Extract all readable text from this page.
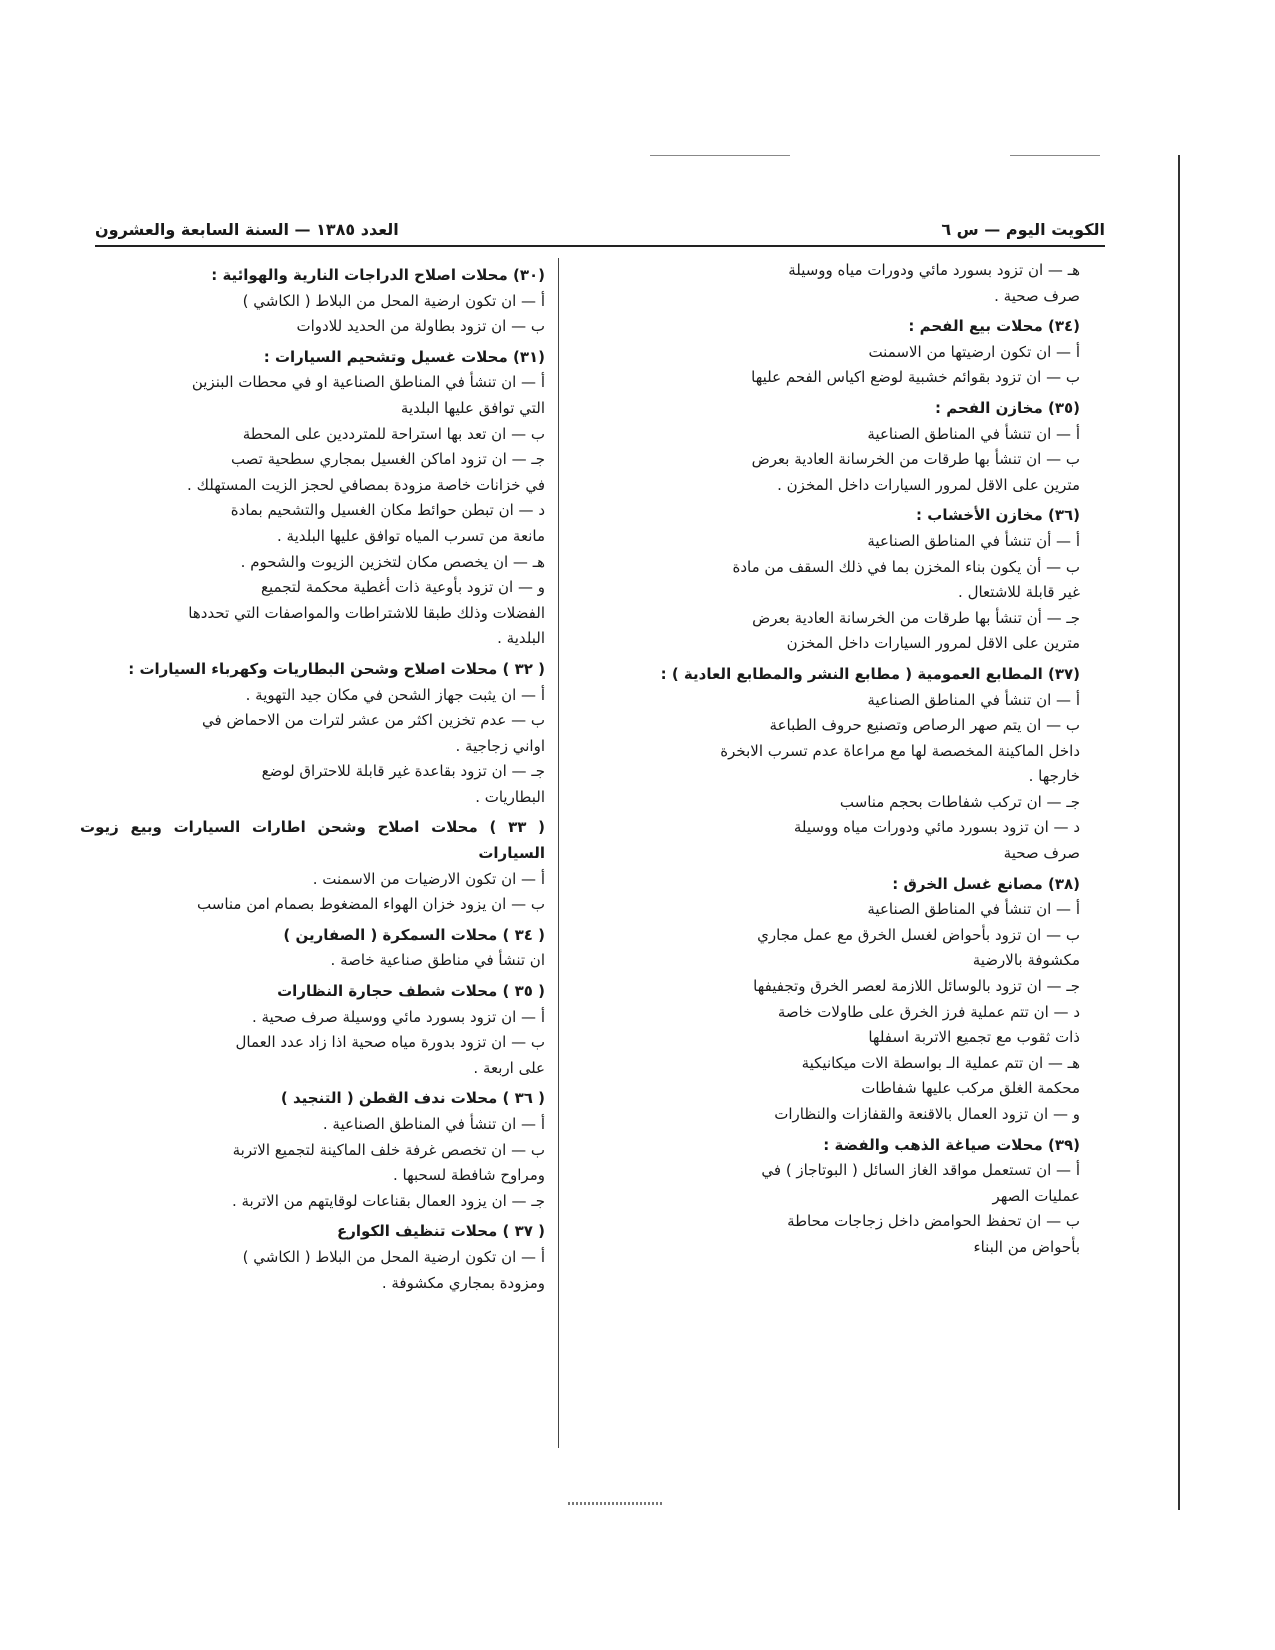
الكويت اليوم — س ٦
العدد ١٣٨٥ — السنة السابعة والعشرون

هـ — ان تزود بسورد مائي ودورات مياه ووسيلة

صرف صحية .

(٣٤) محلات بيع الفحم :

أ — ان تكون ارضيتها من الاسمنت

ب — ان تزود بقوائم خشبية لوضع اكياس الفحم عليها

(٣٥) مخازن الفحم :

أ — ان تنشأ في المناطق الصناعية

ب — ان تنشأ بها طرقات من الخرسانة العادية بعرض

مترين على الاقل لمرور السيارات داخل المخزن .

(٣٦) مخازن الأخشاب :

أ — أن تنشأ في المناطق الصناعية

ب — أن يكون بناء المخزن بما في ذلك السقف من مادة

غير قابلة للاشتعال .

جـ — أن تنشأ بها طرقات من الخرسانة العادية بعرض

مترين على الاقل لمرور السيارات داخل المخزن

(٣٧) المطابع العمومية ( مطابع النشر والمطابع العادية ) :

أ — ان تنشأ في المناطق الصناعية

ب — ان يتم صهر الرصاص وتصنيع حروف الطباعة

داخل الماكينة المخصصة لها مع مراعاة عدم تسرب الابخرة

خارجها .

جـ — ان تركب شفاطات بحجم مناسب

د — ان تزود بسورد مائي ودورات مياه ووسيلة

صرف صحية

(٣٨) مصانع غسل الخرق :

أ — ان تنشأ في المناطق الصناعية

ب — ان تزود بأحواض لغسل الخرق مع عمل مجاري

مكشوفة بالارضية

جـ — ان تزود بالوسائل اللازمة لعصر الخرق وتجفيفها

د — ان تتم عملية فرز الخرق على طاولات خاصة

ذات ثقوب مع تجميع الاتربة اسفلها

هـ — ان تتم عملية الـ بواسطة الات ميكانيكية

محكمة الغلق مركب عليها شفاطات

و — ان تزود العمال بالاقنعة والقفازات والنظارات

(٣٩) محلات صياغة الذهب والفضة :

أ — ان تستعمل مواقد الغاز السائل ( البوتاجاز ) في

عمليات الصهر

ب — ان تحفظ الحوامض داخل زجاجات محاطة

بأحواض من البناء

(٣٠) محلات اصلاح الدراجات النارية والهوائية :

أ — ان تكون ارضية المحل من البلاط ( الكاشي )

ب — ان تزود بطاولة من الحديد للادوات

(٣١) محلات غسيل وتشحيم السيارات :

أ — ان تنشأ في المناطق الصناعية او في محطات البنزين

التي توافق عليها البلدية

ب — ان تعد بها استراحة للمترددين على المحطة

جـ — ان تزود اماكن الغسيل بمجاري سطحية تصب

في خزانات خاصة مزودة بمصافي لحجز الزيت المستهلك .

د — ان تبطن حوائط مكان الغسيل والتشحيم بمادة

مانعة من تسرب المياه توافق عليها البلدية .

هـ — ان يخصص مكان لتخزين الزيوت والشحوم .

و — ان تزود بأوعية ذات أغطية محكمة لتجميع

الفضلات وذلك طبقا للاشتراطات والمواصفات التي تحددها

البلدية .

( ٣٢ ) محلات اصلاح وشحن البطاريات وكهرباء السيارات :

أ — ان يثبت جهاز الشحن في مكان جيد التهوية .

ب — عدم تخزين اكثر من عشر لترات من الاحماض في

اواني زجاجية .

جـ — ان تزود بقاعدة غير قابلة للاحتراق لوضع

البطاريات .

( ٣٣ ) محلات اصلاح وشحن اطارات السيارات وبيع زيوت السيارات

أ — ان تكون الارضيات من الاسمنت .

ب — ان يزود خزان الهواء المضغوط بصمام امن مناسب

( ٣٤ ) محلات السمكرة ( الصفارين )

ان تنشأ في مناطق صناعية خاصة .

( ٣٥ ) محلات شطف حجارة النظارات

أ — ان تزود بسورد مائي ووسيلة صرف صحية .

ب — ان تزود بدورة مياه صحية اذا زاد عدد العمال

على اربعة .

( ٣٦ ) محلات ندف القطن ( التنجيد )

أ — ان تنشأ في المناطق الصناعية .

ب — ان تخصص غرفة خلف الماكينة لتجميع الاتربة

ومراوح شافطة لسحبها .

جـ — ان يزود العمال بقناعات لوقايتهم من الاتربة .

( ٣٧ ) محلات تنظيف الكوارع

أ — ان تكون ارضية المحل من البلاط ( الكاشي )

ومزودة بمجاري مكشوفة .
